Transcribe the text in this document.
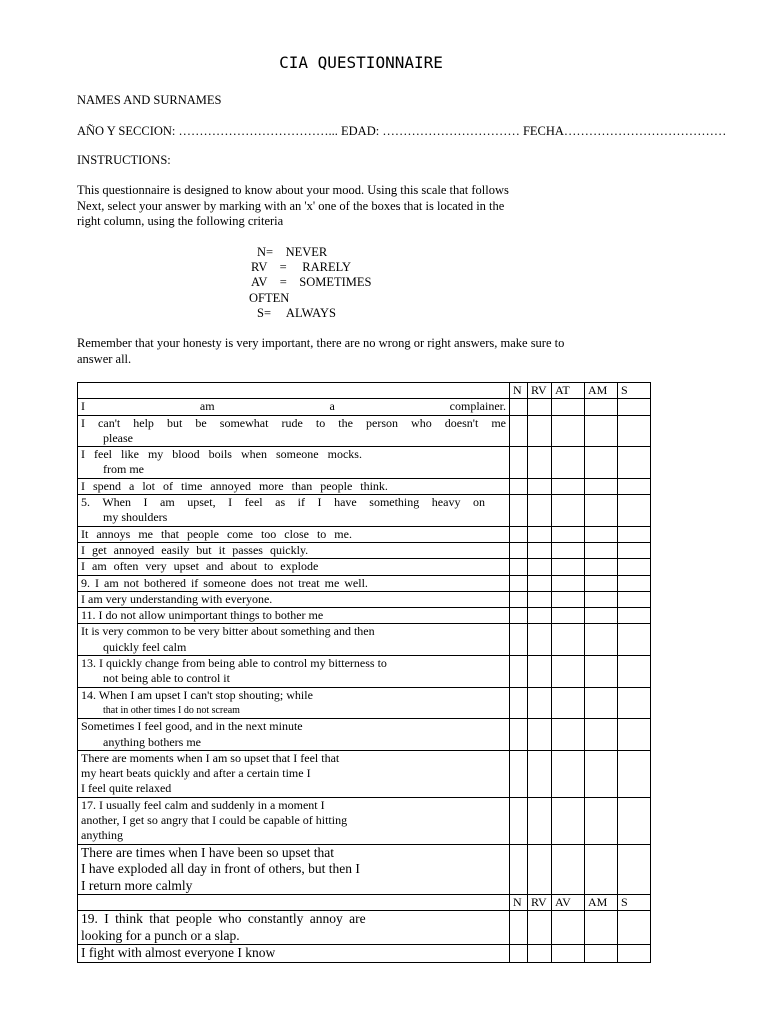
CIA QUESTIONNAIRE
NAMES AND SURNAMES
AÑO Y SECCION: ………………………………... EDAD: …………………………… FECHA…………………………………
INSTRUCTIONS:
This questionnaire is designed to know about your mood. Using this scale that follows
Next, select your answer by marking with an 'x' one of the boxes that is located in the
right column, using the following criteria
N=    NEVER
RV    =     RARELY
AV    =    SOMETIMES
OFTEN
S=     ALWAYS
Remember that your honesty is very important, there are no wrong or right answers, make sure to
answer all.
	N	RV	AT	AM	S

I am a complainer.					

I can't help but be somewhat rude to the person who doesn't me
please					

I feel like my blood boils when someone mocks.
from me					

I spend a lot of time annoyed more than people think.					

5. When I am upset, I feel as if I have something heavy on
my shoulders					

It annoys me that people come too close to me.					
I get annoyed easily but it passes quickly.					
I am often very upset and about to explode					
9. I am not bothered if someone does not treat me well.					
I am very understanding with everyone.					
11. I do not allow unimportant things to bother me					

It is very common to be very bitter about something and then
quickly feel calm					

13. I quickly change from being able to control my bitterness to
not being able to control it					

14. When I am upset I can't stop shouting; while
that in other times I do not scream					

Sometimes I feel good, and in the next minute
anything bothers me					

There are moments when I am so upset that I feel that
my heart beats quickly and after a certain time I
I feel quite relaxed					

17. I usually feel calm and suddenly in a moment I
another, I get so angry that I could be capable of hitting
anything					

There are times when I have been so upset that
I have exploded all day in front of others, but then I
I return more calmly					

	N	RV	AV	AM	S

19. I think that people who constantly annoy are
looking for a punch or a slap.					

I fight with almost everyone I know					
